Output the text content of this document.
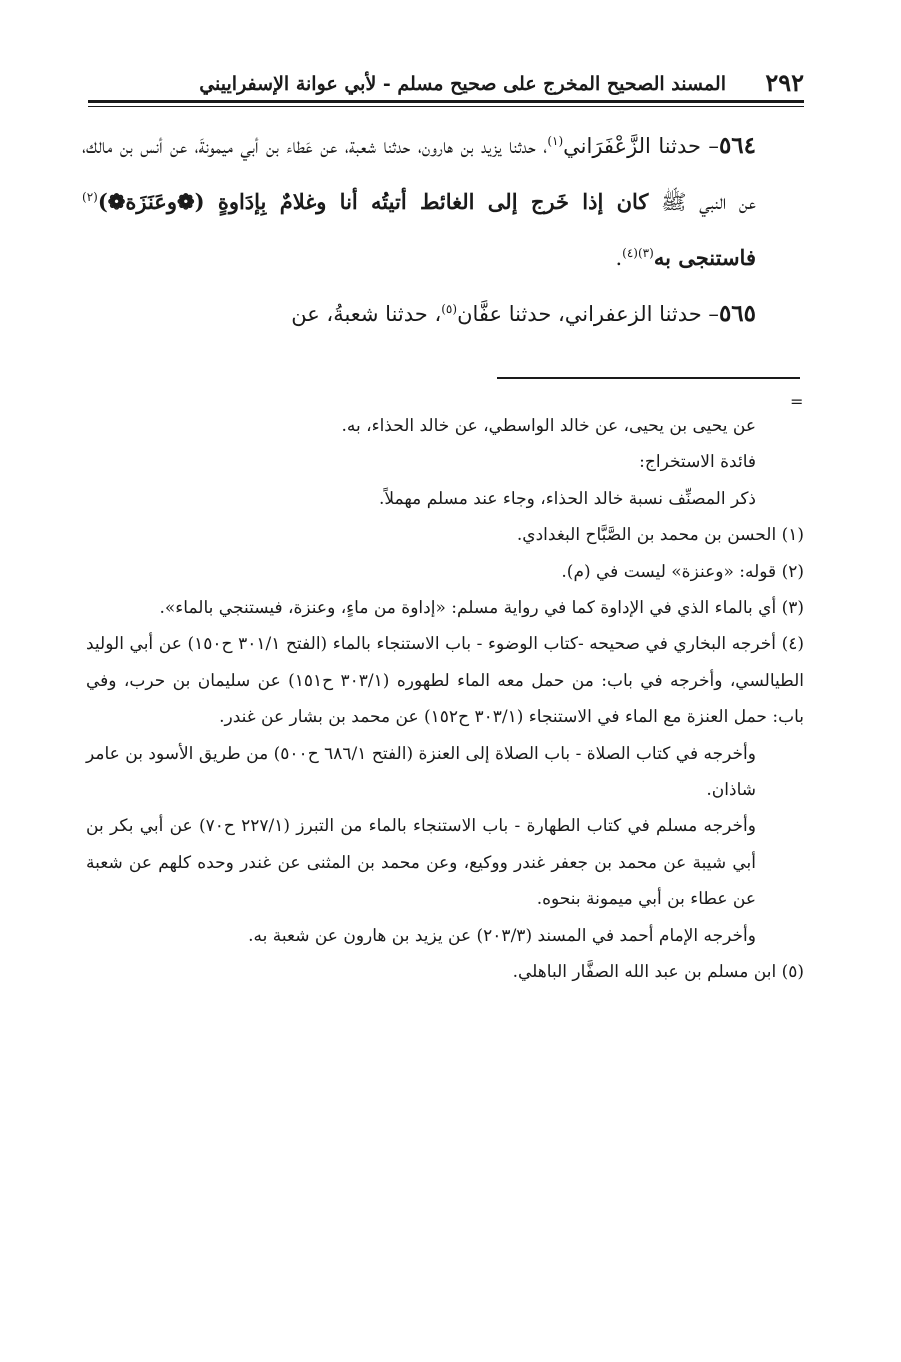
٢٩٢
المسند الصحيح المخرج على صحيح مسلم - لأبي عوانة الإسفراييني

٥٦٤– حدثنا الزَّعْفَرَاني$^{(١)}$، حدثنا يزيد بن هارون، حدثنا شعبة، عن عَطاء بن أبي ميمونةَ، عن أنس بن مالك، عن النبي ﷺ كان إذا خَرج إلى الغائط أتيتُه أنا وغلامٌ بِإدَاوةٍ (❁وعَنَزَة❁)$^{(٢)}$ فاستنجى به$^{(٣)(٤)}$.

٥٦٥– حدثنا الزعفراني، حدثنا عفَّان$^{(٥)}$، حدثنا شعبةُ، عن

=

عن يحيى بن يحيى، عن خالد الواسطي، عن خالد الحذاء، به.

فائدة الاستخراج:

ذكر المصنِّف نسبة خالد الحذاء، وجاء عند مسلم مهملاً.

(١) الحسن بن محمد بن الصَّبَّاح البغدادي.

(٢) قوله: «وعنزة» ليست في (م).

(٣) أي بالماء الذي في الإداوة كما في رواية مسلم: «إداوة من ماءٍ، وعنزة، فيستنجي بالماء».

(٤) أخرجه البخاري في صحيحه -كتاب الوضوء - باب الاستنجاء بالماء (الفتح ٣٠١/١ ح١٥٠) عن أبي الوليد الطيالسي، وأخرجه في باب: من حمل معه الماء لطهوره (٣٠٣/١ ح١٥١) عن سليمان بن حرب، وفي باب: حمل العنزة مع الماء في الاستنجاء (٣٠٣/١ ح١٥٢) عن محمد بن بشار عن غندر.

وأخرجه في كتاب الصلاة - باب الصلاة إلى العنزة (الفتح ٦٨٦/١ ح٥٠٠) من طريق الأسود بن عامر شاذان.

وأخرجه مسلم في كتاب الطهارة - باب الاستنجاء بالماء من التبرز (٢٢٧/١ ح٧٠) عن أبي بكر بن أبي شيبة عن محمد بن جعفر غندر ووكيع، وعن محمد بن المثنى عن غندر وحده كلهم عن شعبة عن عطاء بن أبي ميمونة بنحوه.

وأخرجه الإمام أحمد في المسند (٢٠٣/٣) عن يزيد بن هارون عن شعبة به.

(٥) ابن مسلم بن عبد الله الصفَّار الباهلي.
